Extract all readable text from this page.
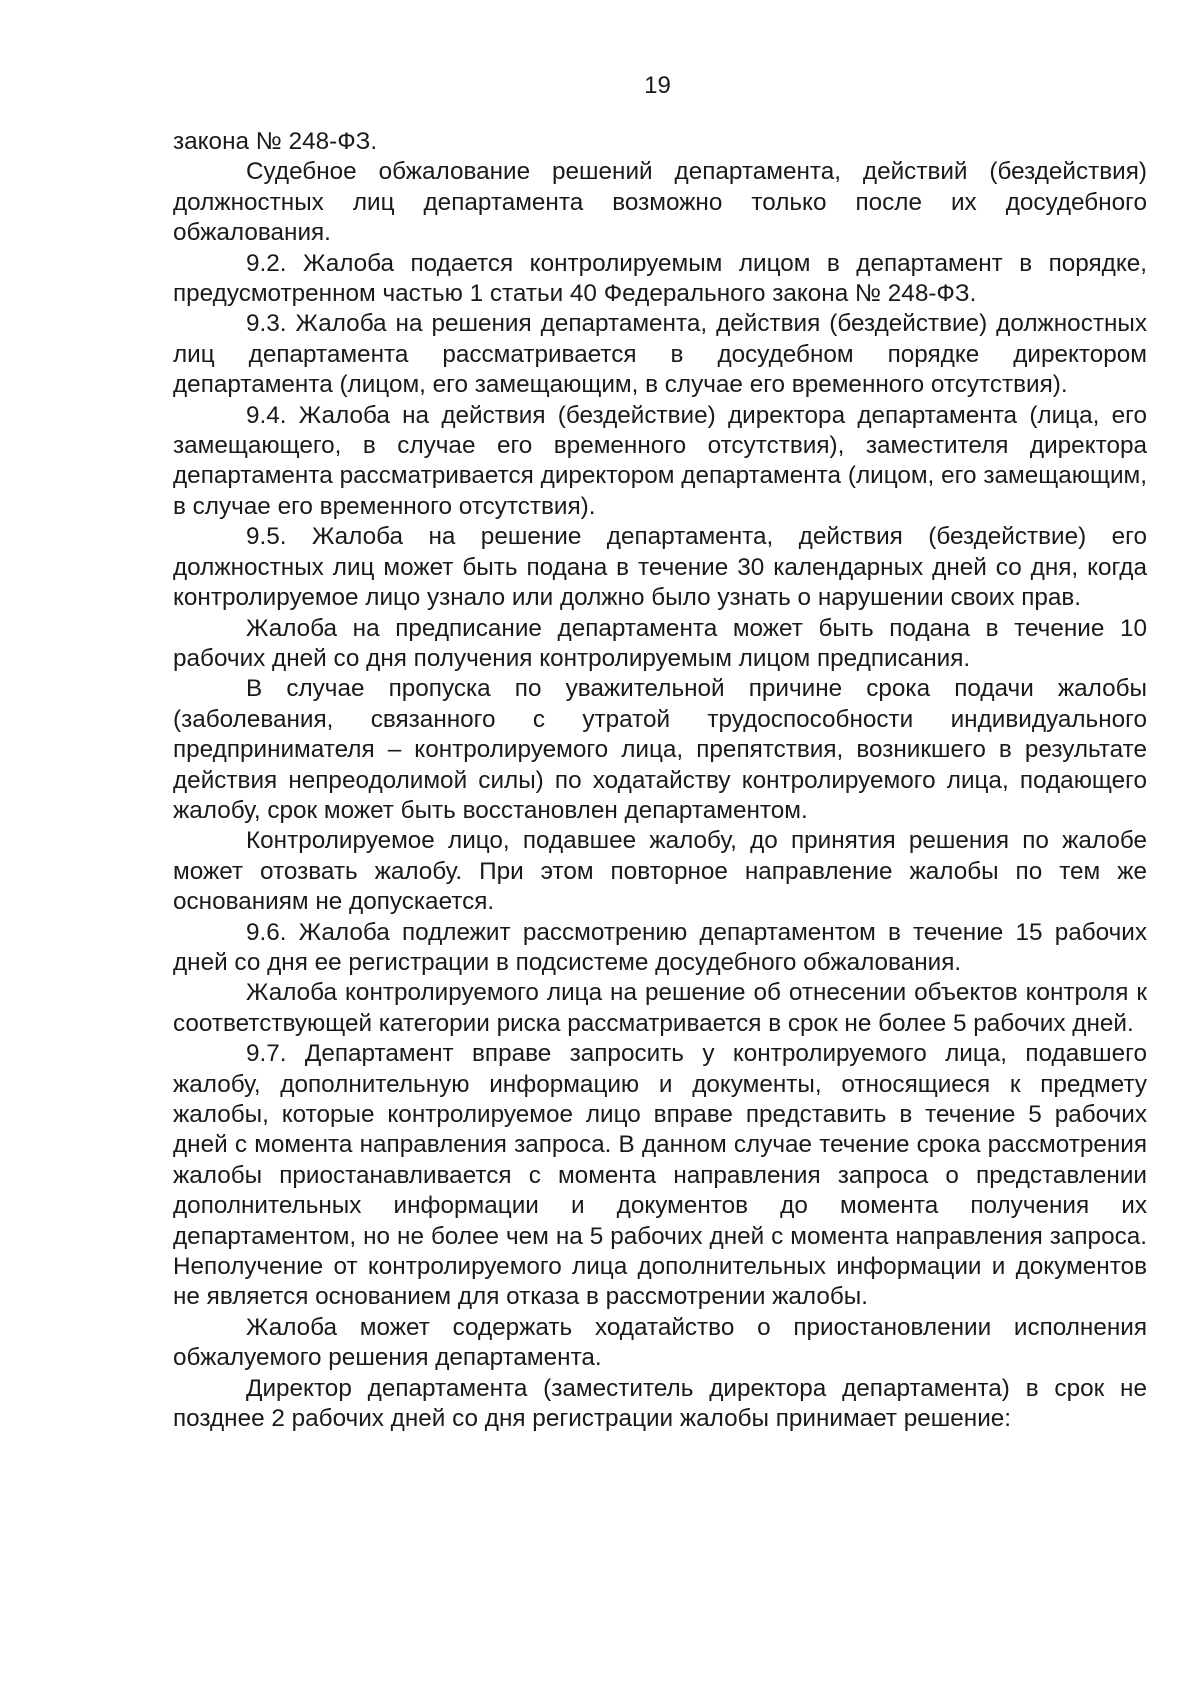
19

закона № 248-ФЗ.

Судебное обжалование решений департамента, действий (бездействия) должностных лиц департамента возможно только после их досудебного обжалования.

9.2. Жалоба подается контролируемым лицом в департамент в порядке, предусмотренном частью 1 статьи 40 Федерального закона № 248-ФЗ.

9.3. Жалоба на решения департамента, действия (бездействие) должностных лиц департамента рассматривается в досудебном порядке директором департамента (лицом, его замещающим, в случае его временного отсутствия).

9.4. Жалоба на действия (бездействие) директора департамента (лица, его замещающего, в случае его временного отсутствия), заместителя директора департамента рассматривается директором департамента (лицом, его замещающим, в случае его временного отсутствия).

9.5. Жалоба на решение департамента, действия (бездействие) его должностных лиц может быть подана в течение 30 календарных дней со дня, когда контролируемое лицо узнало или должно было узнать о нарушении своих прав.

Жалоба на предписание департамента может быть подана в течение 10 рабочих дней со дня получения контролируемым лицом предписания.

В случае пропуска по уважительной причине срока подачи жалобы (заболевания, связанного с утратой трудоспособности индивидуального предпринимателя – контролируемого лица, препятствия, возникшего в результате действия непреодолимой силы) по ходатайству контролируемого лица, подающего жалобу, срок может быть восстановлен департаментом.

Контролируемое лицо, подавшее жалобу, до принятия решения по жалобе может отозвать жалобу. При этом повторное направление жалобы по тем же основаниям не допускается.

9.6. Жалоба подлежит рассмотрению департаментом в течение 15 рабочих дней со дня ее регистрации в подсистеме досудебного обжалования.

Жалоба контролируемого лица на решение об отнесении объектов контроля к соответствующей категории риска рассматривается в срок не более 5 рабочих дней.

9.7. Департамент вправе запросить у контролируемого лица, подавшего жалобу, дополнительную информацию и документы, относящиеся к предмету жалобы, которые контролируемое лицо вправе представить в течение 5 рабочих дней с момента направления запроса. В данном случае течение срока рассмотрения жалобы приостанавливается с момента направления запроса о представлении дополнительных информации и документов до момента получения их департаментом, но не более чем на 5 рабочих дней с момента направления запроса. Неполучение от контролируемого лица дополнительных информации и документов не является основанием для отказа в рассмотрении жалобы.

Жалоба может содержать ходатайство о приостановлении исполнения обжалуемого решения департамента.

Директор департамента (заместитель директора департамента) в срок не позднее 2 рабочих дней со дня регистрации жалобы принимает решение:
